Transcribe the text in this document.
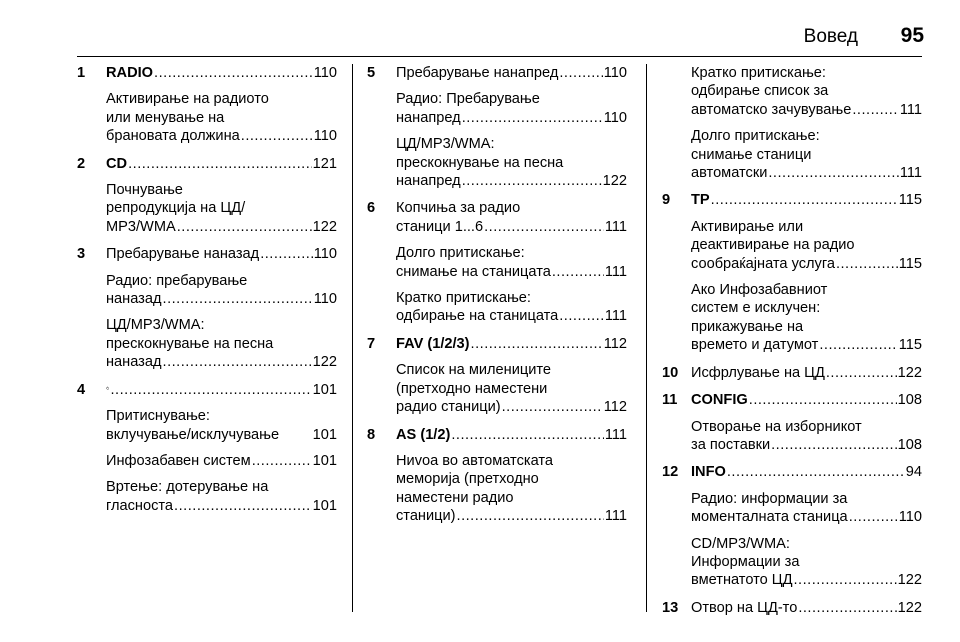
Вовед 95
1 RADIO .....	110
Активирање на радиото
или менување на
брановата должина .....	110
2 CD .....	121
Почнување
репродукција на ЦД/
MP3/WMA .....	122
3 Пребарување наназад .....	110
Радио: пребарување
наназад .....	110
ЦД/MP3/WMA:
прескокнување на песна
наназад .....	122
4 .....	101
Притиснување:
вклучување/исклучување 101
Инфозабавен систем .....	101
Вртење: дотерување на
гласноста .....	101
5 Пребарување нанапред .....	110
Радио: Пребарување
нанапред .....	110
ЦД/MP3/WMA:
прескокнување на песна
нанапред .....	122
6 Копчиња за радио
станици 1...6 .....	111
Долго притискање:
снимање на станицата .....	111
Кратко притискање:
одбирање на станицата .....	111
7 FAV (1/2/3) .....	112
Список на милениците
(претходно наместени
радио станици) .....	112
8 AS (1/2) .....	111
Ниvoа во автоматската
меморија (претходно
наместени радио
станици) .....	111
Кратко притискање:
одбирање список за
автоматско зачувување .....	111
Долго притискање:
снимање станици
автоматски .....	111
9 TP .....	115
Активирање или
деактивирање на радио
сообраќајната услуга .....	115
Ако Инфозабавниот
систем е исклучен:
прикажување на
времето и датумот .....	115
10 Исфрлување на ЦД .....	122
11 CONFIG .....	108
Отворање на изборникот
за поставки .....	108
12 INFO .....	94
Радио: информации за
моменталната станица .....	110
CD/MP3/WMA:
Информации за
вметнатото ЦД .....	122
13 Отвор на ЦД-то .....	122
